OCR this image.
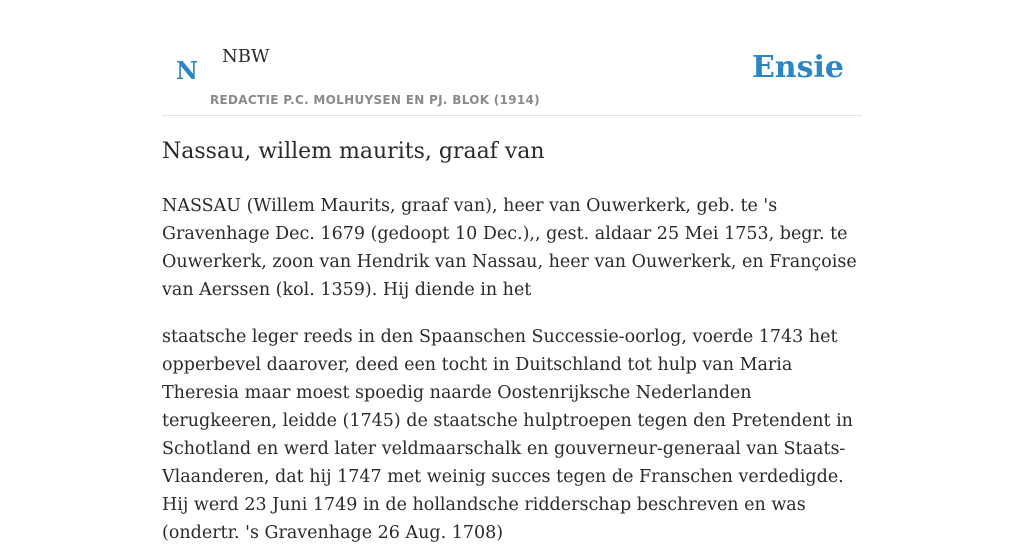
N NBW
REDACTIE P.C. MOLHUYSEN EN PJ. BLOK (1914)
Ensie
Nassau, willem maurits, graaf van

NASSAU (Willem Maurits, graaf van), heer van Ouwerkerk, geb. te 's Gravenhage Dec. 1679 (gedoopt 10 Dec.),, gest. aldaar 25 Mei 1753, begr. te Ouwerkerk, zoon van Hendrik van Nassau, heer van Ouwerkerk, en Françoise van Aerssen (kol. 1359). Hij diende in het

staatsche leger reeds in den Spaanschen Successie-oorlog, voerde 1743 het opperbevel daarover, deed een tocht in Duitschland tot hulp van Maria Theresia maar moest spoedig naarde Oostenrijksche Nederlanden terugkeeren, leidde (1745) de staatsche hulptroepen tegen den Pretendent in Schotland en werd later veldmaarschalk en gouverneur-generaal van Staats-Vlaanderen, dat hij 1747 met weinig succes tegen de Franschen verdedigde. Hij werd 23 Juni 1749 in de hollandsche ridderschap beschreven en was (ondertr. 's Gravenhage 26 Aug. 1708)
